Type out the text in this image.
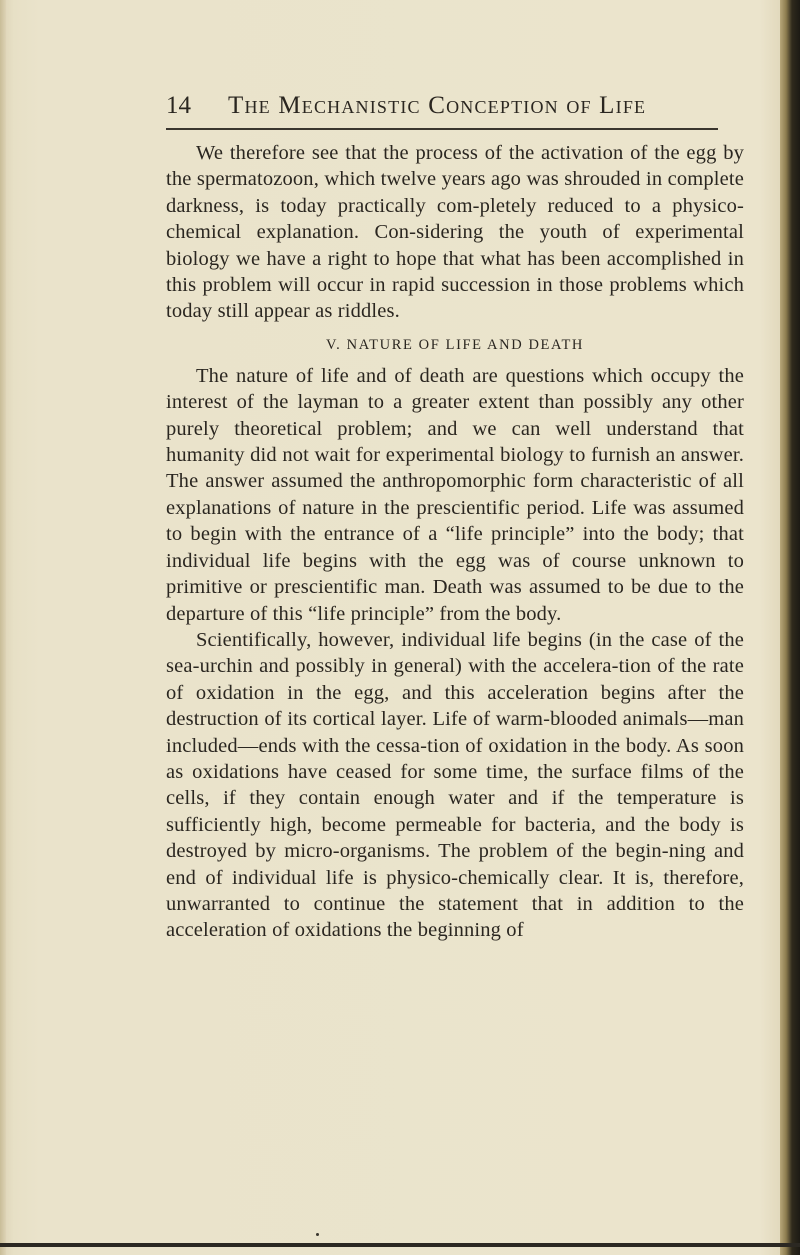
14 The Mechanistic Conception of Life

We therefore see that the process of the activation of the egg by the spermatozoon, which twelve years ago was shrouded in complete darkness, is today practically com-pletely reduced to a physico-chemical explanation. Con-sidering the youth of experimental biology we have a right to hope that what has been accomplished in this problem will occur in rapid succession in those problems which today still appear as riddles.

V. NATURE OF LIFE AND DEATH

The nature of life and of death are questions which occupy the interest of the layman to a greater extent than possibly any other purely theoretical problem; and we can well understand that humanity did not wait for experimental biology to furnish an answer. The answer assumed the anthropomorphic form characteristic of all explanations of nature in the prescientific period. Life was assumed to begin with the entrance of a “life principle” into the body; that individual life begins with the egg was of course unknown to primitive or prescientific man. Death was assumed to be due to the departure of this “life principle” from the body.

Scientifically, however, individual life begins (in the case of the sea-urchin and possibly in general) with the accelera-tion of the rate of oxidation in the egg, and this acceleration begins after the destruction of its cortical layer. Life of warm-blooded animals—man included—ends with the cessa-tion of oxidation in the body. As soon as oxidations have ceased for some time, the surface films of the cells, if they contain enough water and if the temperature is sufficiently high, become permeable for bacteria, and the body is destroyed by micro-organisms. The problem of the begin-ning and end of individual life is physico-chemically clear. It is, therefore, unwarranted to continue the statement that in addition to the acceleration of oxidations the beginning of
